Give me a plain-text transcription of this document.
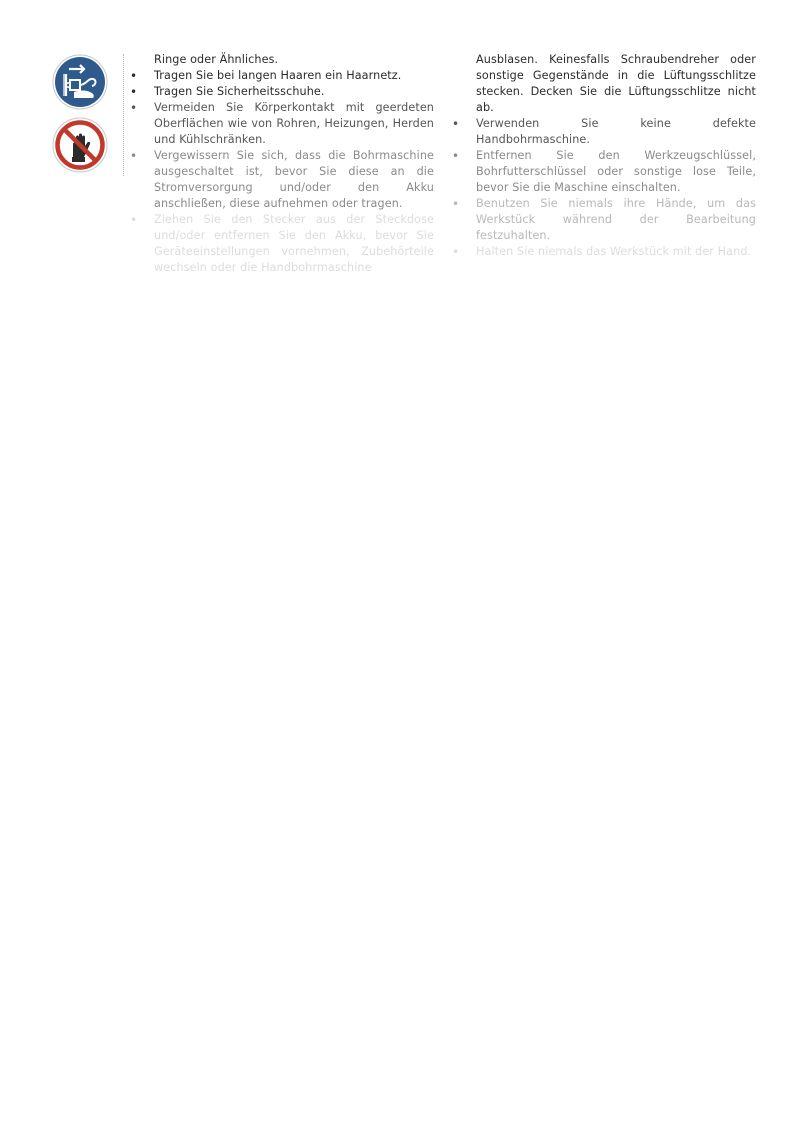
Ringe oder Ähnliches.

• Tragen Sie bei langen Haaren ein Haarnetz.
• Tragen Sie Sicherheitsschuhe.
• Vermeiden Sie Körperkontakt mit geerdeten Oberflächen wie von Rohren, Heizungen, Herden und Kühlschränken.
• Vergewissern Sie sich, dass die Bohrmaschine ausgeschaltet ist, bevor Sie diese an die Stromversorgung und/oder den Akku anschließen, diese aufnehmen oder tragen.
• Ziehen Sie den Stecker aus der Steckdose und/oder entfernen Sie den Akku, bevor Sie Geräteeinstellungen vornehmen, Zubehörteile wechseln oder die Handbohrmaschine

Ausblasen. Keinesfalls Schraubendreher oder sonstige Gegenstände in die Lüftungsschlitze stecken. Decken Sie die Lüftungsschlitze nicht ab.

• Verwenden Sie keine defekte Handbohrmaschine.
• Entfernen Sie den Werkzeugschlüssel, Bohrfutterschlüssel oder sonstige lose Teile, bevor Sie die Maschine einschalten.
• Benutzen Sie niemals ihre Hände, um das Werkstück während der Bearbeitung festzuhalten.
• Halten Sie niemals das Werkstück mit der Hand.
